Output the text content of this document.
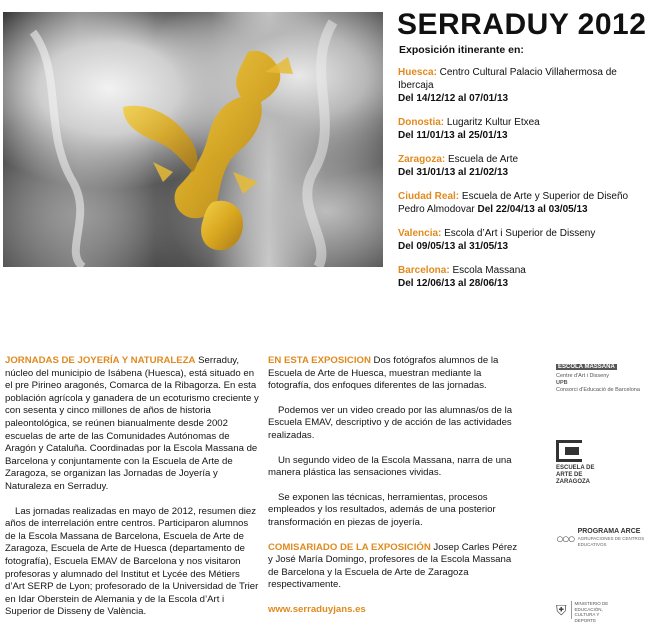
SERRADUY 2012
Exposición itinerante en:
Huesca: Centro Cultural Palacio Villahermosa de Ibercaja
Del 14/12/12 al 07/01/13
Donostia: Lugaritz Kultur Etxea
Del 11/01/13 al 25/01/13
Zaragoza: Escuela de Arte
Del 31/01/13 al 21/02/13
Ciudad Real: Escuela de Arte y Superior de Diseño Pedro Almodovar Del 22/04/13 al 03/05/13
Valencia: Escola d’Art i Superior de Disseny
Del 09/05/13 al 31/05/13
Barcelona: Escola Massana
Del 12/06/13 al 28/06/13

JORNADAS DE JOYERÍA Y NATURALEZA Serraduy, núcleo del municipio de Isábena (Huesca), está situado en el pre Pirineo aragonés, Comarca de la Ribagorza. En esta población agrícola y ganadera de un ecoturismo creciente y con sesenta y cinco millones de años de historia paleontológica, se reúnen bianualmente desde 2002 escuelas de arte de las Comunidades Autónomas de Aragón y Cataluña. Coordinadas por la Escola Massana de Barcelona y conjuntamente con la Escuela de Arte de Zaragoza, se organizan las Jornadas de Joyería y Naturaleza en Serraduy.

Las jornadas realizadas en mayo de 2012, resumen diez años de interrelación entre centros. Participaron alumnos de la Escola Massana de Barcelona, Escuela de Arte de Zaragoza, Escuela de Arte de Huesca (departamento de fotografía), Escuela EMAV de Barcelona y nos visitaron profesoras y alumnado del Institut et Lycée des Métiers d’Art SERP de Lyon; profesorado de la Universidad de Trier en Idar Oberstein de Alemania y de la Escola d’Art i Superior de Disseny de València.

EN ESTA EXPOSICION Dos fotógrafos alumnos de la Escuela de Arte de Huesca, muestran mediante la fotografía, dos enfoques diferentes de las jornadas.

Podemos ver un video creado por las alumnas/os de la Escuela EMAV, descriptivo y de acción de las actividades realizadas.

Un segundo video de la Escola Massana, narra de una manera plástica las sensaciones vividas.

Se exponen las técnicas, herramientas, procesos empleados y los resultados, además de una posterior transformación en piezas de joyería.

COMISARIADO DE LA EXPOSICIÓN Josep Carles Pérez y José María Domingo, profesores de la Escola Massana de Barcelona y la Escuela de Arte de Zaragoza respectivamente.

www.serraduyjans.es

ESCOLA MASSANA
Centre d'Art i Disseny
UPB
Consorci d'Educació de Barcelona
ESCUELA DE
ARTE DE
ZARAGOZA
○○○ PROGRAMA ARCE
AGRUPACIONES DE CENTROS EDUCATIVOS
⛨	MINISTERIO DE EDUCACIÓN, CULTURA Y DEPORTE
